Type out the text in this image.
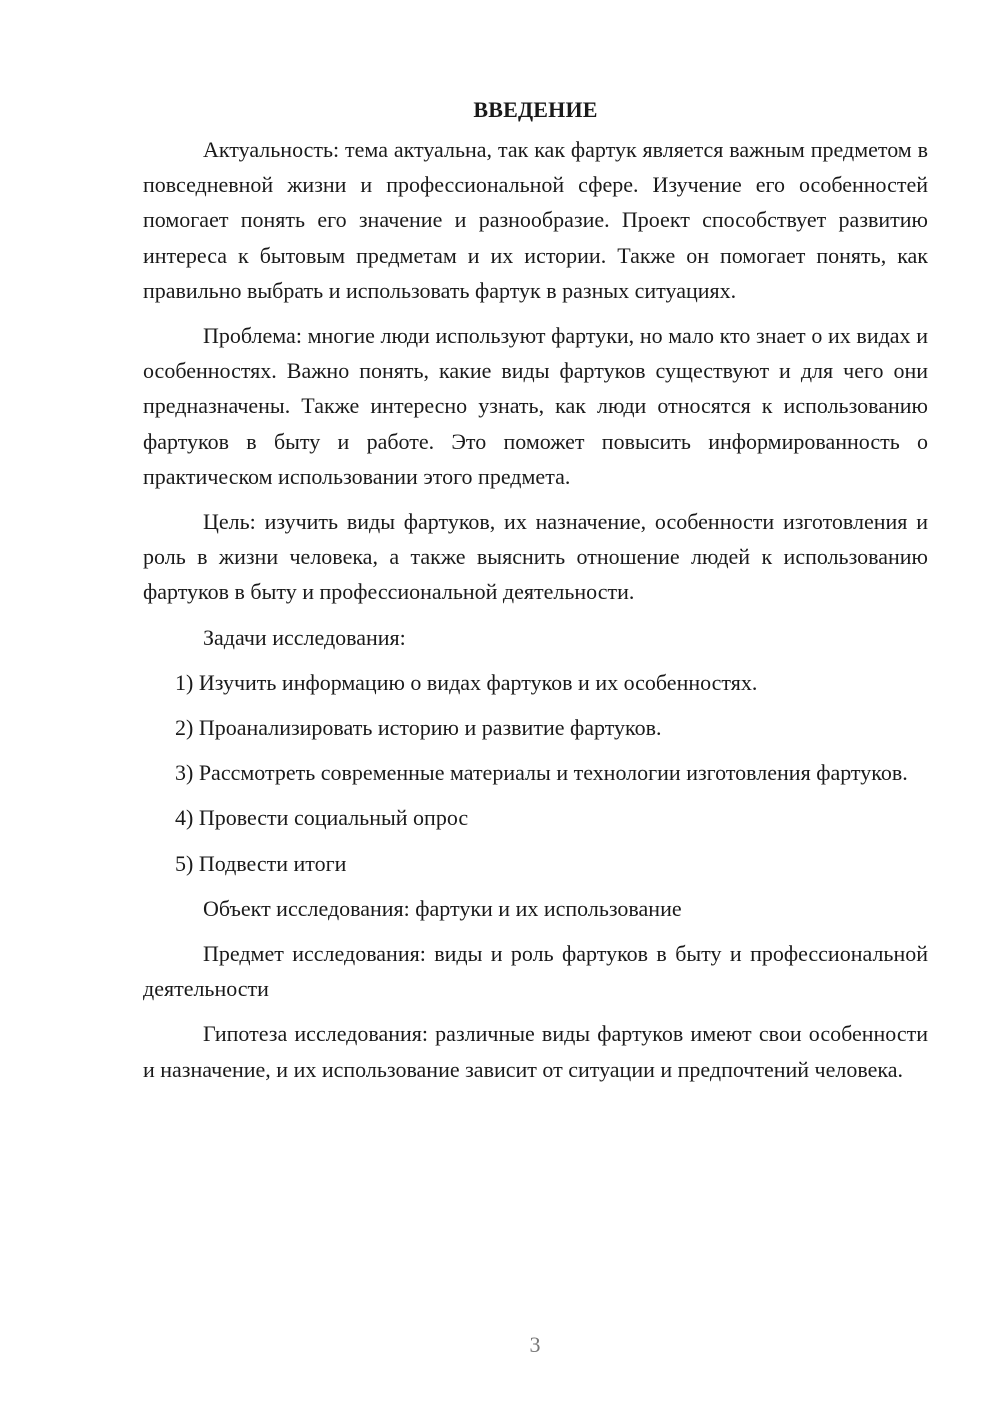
ВВЕДЕНИЕ

Актуальность: тема актуальна, так как фартук является важным предметом в повседневной жизни и профессиональной сфере. Изучение его особенностей помогает понять его значение и разнообразие. Проект способствует развитию интереса к бытовым предметам и их истории. Также он помогает понять, как правильно выбрать и использовать фартук в разных ситуациях.

Проблема: многие люди используют фартуки, но мало кто знает о их видах и особенностях. Важно понять, какие виды фартуков существуют и для чего они предназначены. Также интересно узнать, как люди относятся к использованию фартуков в быту и работе. Это поможет повысить информированность о практическом использовании этого предмета.

Цель: изучить виды фартуков, их назначение, особенности изготовления и роль в жизни человека, а также выяснить отношение людей к использованию фартуков в быту и профессиональной деятельности.

Задачи исследования:

1) Изучить информацию о видах фартуков и их особенностях.

2) Проанализировать историю и развитие фартуков.

3) Рассмотреть современные материалы и технологии изготовления фартуков.

4) Провести социальный опрос

5) Подвести итоги

Объект исследования: фартуки и их использование

Предмет исследования: виды и роль фартуков в быту и профессиональной деятельности

Гипотеза исследования: различные виды фартуков имеют свои особенности и назначение, и их использование зависит от ситуации и предпочтений человека.

3
